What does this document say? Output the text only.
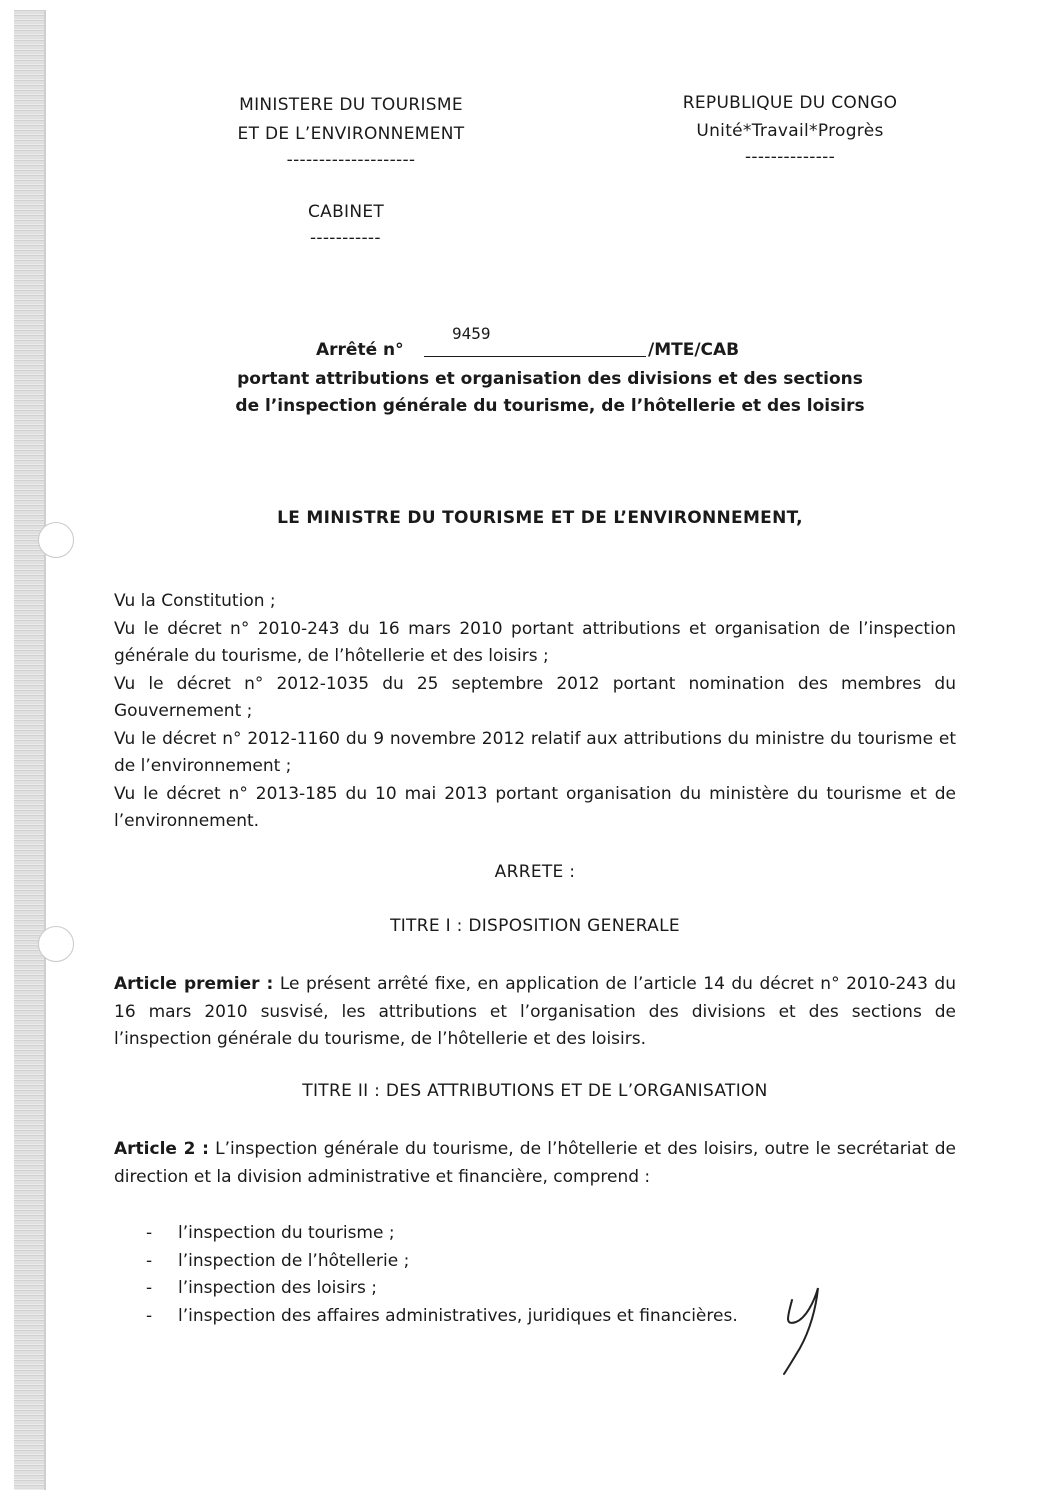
MINISTERE DU TOURISME
ET DE L’ENVIRONNEMENT
--------------------
CABINET
-----------
REPUBLIQUE DU CONGO
Unité*Travail*Progrès
--------------
9459
Arrêté n°	/MTE/CAB
portant attributions et organisation des divisions et des sections
de l’inspection générale du tourisme, de l’hôtellerie et des loisirs
LE MINISTRE DU TOURISME ET DE L’ENVIRONNEMENT,

Vu la Constitution ;

Vu le décret n° 2010-243 du 16 mars 2010 portant attributions et organisation de l’inspection générale du tourisme, de l’hôtellerie et des loisirs ;

Vu le décret n° 2012-1035 du 25 septembre 2012 portant nomination des membres du Gouvernement ;

Vu le décret n° 2012-1160 du 9 novembre 2012 relatif aux attributions du ministre du tourisme et de l’environnement ;

Vu le décret n° 2013-185 du 10 mai 2013 portant organisation du ministère du tourisme et de l’environnement.

ARRETE :
TITRE I : DISPOSITION GENERALE

Article premier : Le présent arrêté fixe, en application de l’article 14 du décret n° 2010-243 du 16 mars 2010 susvisé, les attributions et l’organisation des divisions et des sections de l’inspection générale du tourisme, de l’hôtellerie et des loisirs.

TITRE II : DES ATTRIBUTIONS ET DE L’ORGANISATION

Article 2 : L’inspection générale du tourisme, de l’hôtellerie et des loisirs, outre le secrétariat de direction et la division administrative et financière, comprend :

-	l’inspection du tourisme ;
-	l’inspection de l’hôtellerie ;
-	l’inspection des loisirs ;
-	l’inspection des affaires administratives, juridiques et financières.
